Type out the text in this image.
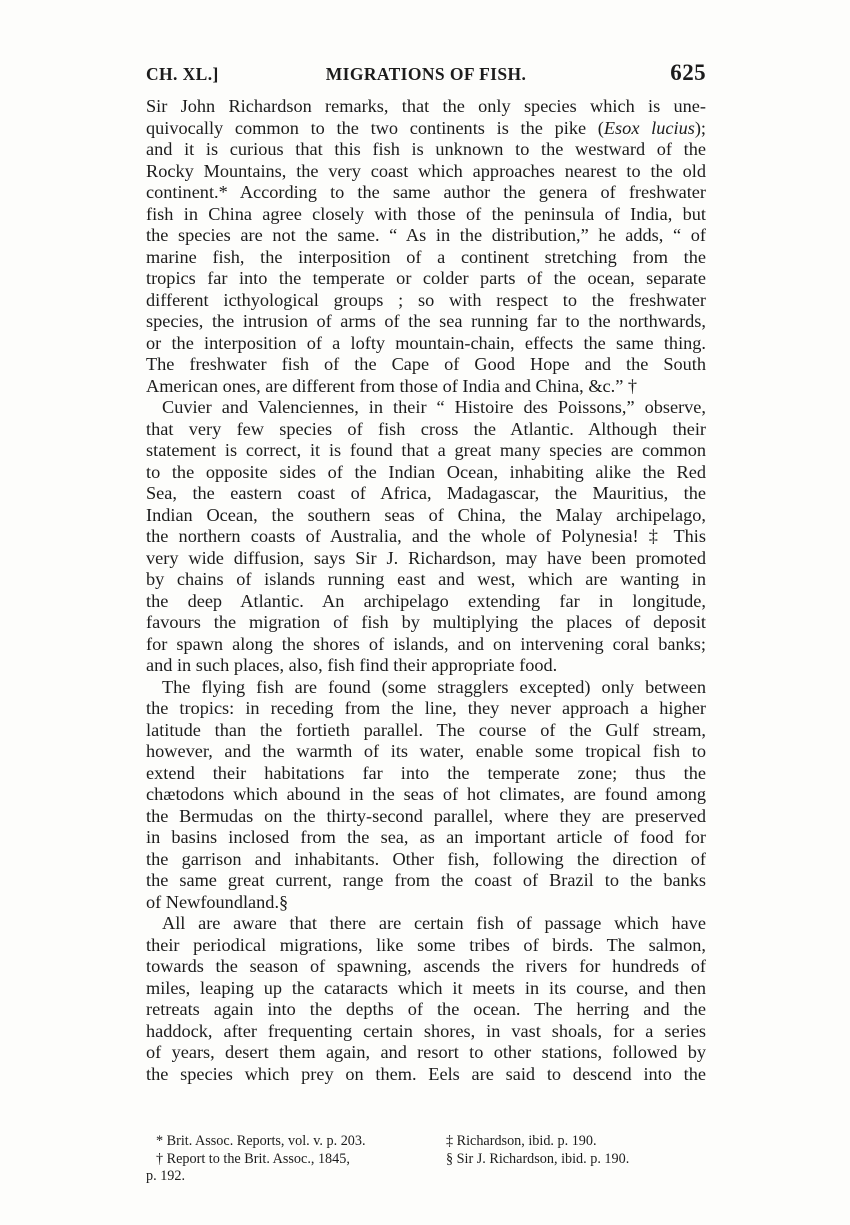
CH. XL.]	MIGRATIONS OF FISH.	625
Sir John Richardson remarks, that the only species which is une-
quivocally common to the two continents is the pike (Esox lucius);
and it is curious that this fish is unknown to the westward of the
Rocky Mountains, the very coast which approaches nearest to the old
continent.* According to the same author the genera of freshwater
fish in China agree closely with those of the peninsula of India, but
the species are not the same. “ As in the distribution,” he adds, “ of
marine fish, the interposition of a continent stretching from the
tropics far into the temperate or colder parts of the ocean, separate
different icthyological groups ; so with respect to the freshwater
species, the intrusion of arms of the sea running far to the northwards,
or the interposition of a lofty mountain-chain, effects the same thing.
The freshwater fish of the Cape of Good Hope and the South
American ones, are different from those of India and China, &c.” †
Cuvier and Valenciennes, in their “ Histoire des Poissons,” observe,
that very few species of fish cross the Atlantic. Although their
statement is correct, it is found that a great many species are common
to the opposite sides of the Indian Ocean, inhabiting alike the Red
Sea, the eastern coast of Africa, Madagascar, the Mauritius, the
Indian Ocean, the southern seas of China, the Malay archipelago,
the northern coasts of Australia, and the whole of Polynesia! ‡ This
very wide diffusion, says Sir J. Richardson, may have been promoted
by chains of islands running east and west, which are wanting in
the deep Atlantic. An archipelago extending far in longitude,
favours the migration of fish by multiplying the places of deposit
for spawn along the shores of islands, and on intervening coral banks;
and in such places, also, fish find their appropriate food.
The flying fish are found (some stragglers excepted) only between
the tropics: in receding from the line, they never approach a higher
latitude than the fortieth parallel. The course of the Gulf stream,
however, and the warmth of its water, enable some tropical fish to
extend their habitations far into the temperate zone; thus the
chætodons which abound in the seas of hot climates, are found among
the Bermudas on the thirty-second parallel, where they are preserved
in basins inclosed from the sea, as an important article of food for
the garrison and inhabitants. Other fish, following the direction of
the same great current, range from the coast of Brazil to the banks
of Newfoundland.§
All are aware that there are certain fish of passage which have
their periodical migrations, like some tribes of birds. The salmon,
towards the season of spawning, ascends the rivers for hundreds of
miles, leaping up the cataracts which it meets in its course, and then
retreats again into the depths of the ocean. The herring and the
haddock, after frequenting certain shores, in vast shoals, for a series
of years, desert them again, and resort to other stations, followed by
the species which prey on them. Eels are said to descend into the
* Brit. Assoc. Reports, vol. v. p. 203.
† Report to the Brit. Assoc., 1845,
p. 192.
‡ Richardson, ibid. p. 190.
§ Sir J. Richardson, ibid. p. 190.
